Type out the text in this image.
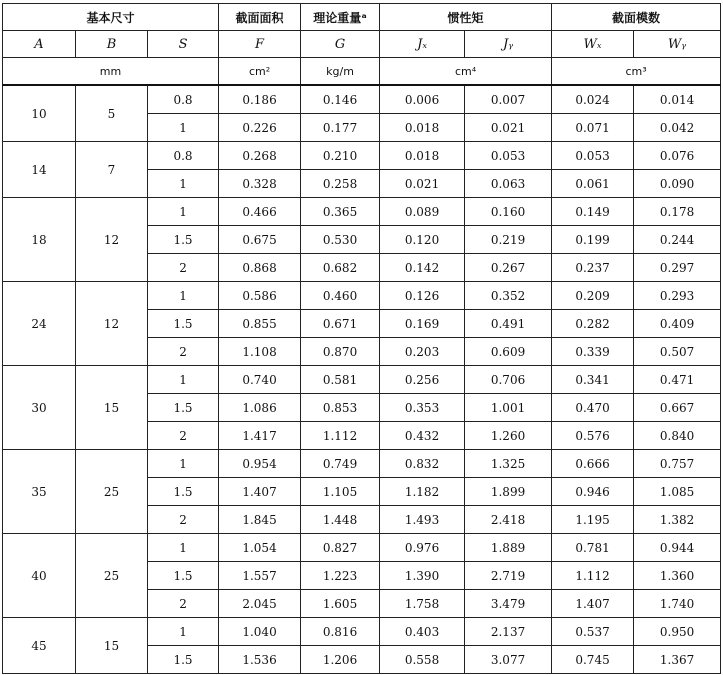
基本尺寸			截面面积	理论重量ᵃ	惯性矩		截面模数	
A	B	S	F	G	Jₓ	Jᵧ	Wₓ	Wᵧ
mm			cm²	kg/m	cm⁴		cm³	
10	5	0.8	0.186	0.146	0.006	0.007	0.024	0.014
		1	0.226	0.177	0.018	0.021	0.071	0.042
14	7	0.8	0.268	0.210	0.018	0.053	0.053	0.076
		1	0.328	0.258	0.021	0.063	0.061	0.090
18	12	1	0.466	0.365	0.089	0.160	0.149	0.178
		1.5	0.675	0.530	0.120	0.219	0.199	0.244
		2	0.868	0.682	0.142	0.267	0.237	0.297
24	12	1	0.586	0.460	0.126	0.352	0.209	0.293
		1.5	0.855	0.671	0.169	0.491	0.282	0.409
		2	1.108	0.870	0.203	0.609	0.339	0.507
30	15	1	0.740	0.581	0.256	0.706	0.341	0.471
		1.5	1.086	0.853	0.353	1.001	0.470	0.667
		2	1.417	1.112	0.432	1.260	0.576	0.840
35	25	1	0.954	0.749	0.832	1.325	0.666	0.757
		1.5	1.407	1.105	1.182	1.899	0.946	1.085
		2	1.845	1.448	1.493	2.418	1.195	1.382
40	25	1	1.054	0.827	0.976	1.889	0.781	0.944
		1.5	1.557	1.223	1.390	2.719	1.112	1.360
		2	2.045	1.605	1.758	3.479	1.407	1.740
45	15	1	1.040	0.816	0.403	2.137	0.537	0.950
		1.5	1.536	1.206	0.558	3.077	0.745	1.367
